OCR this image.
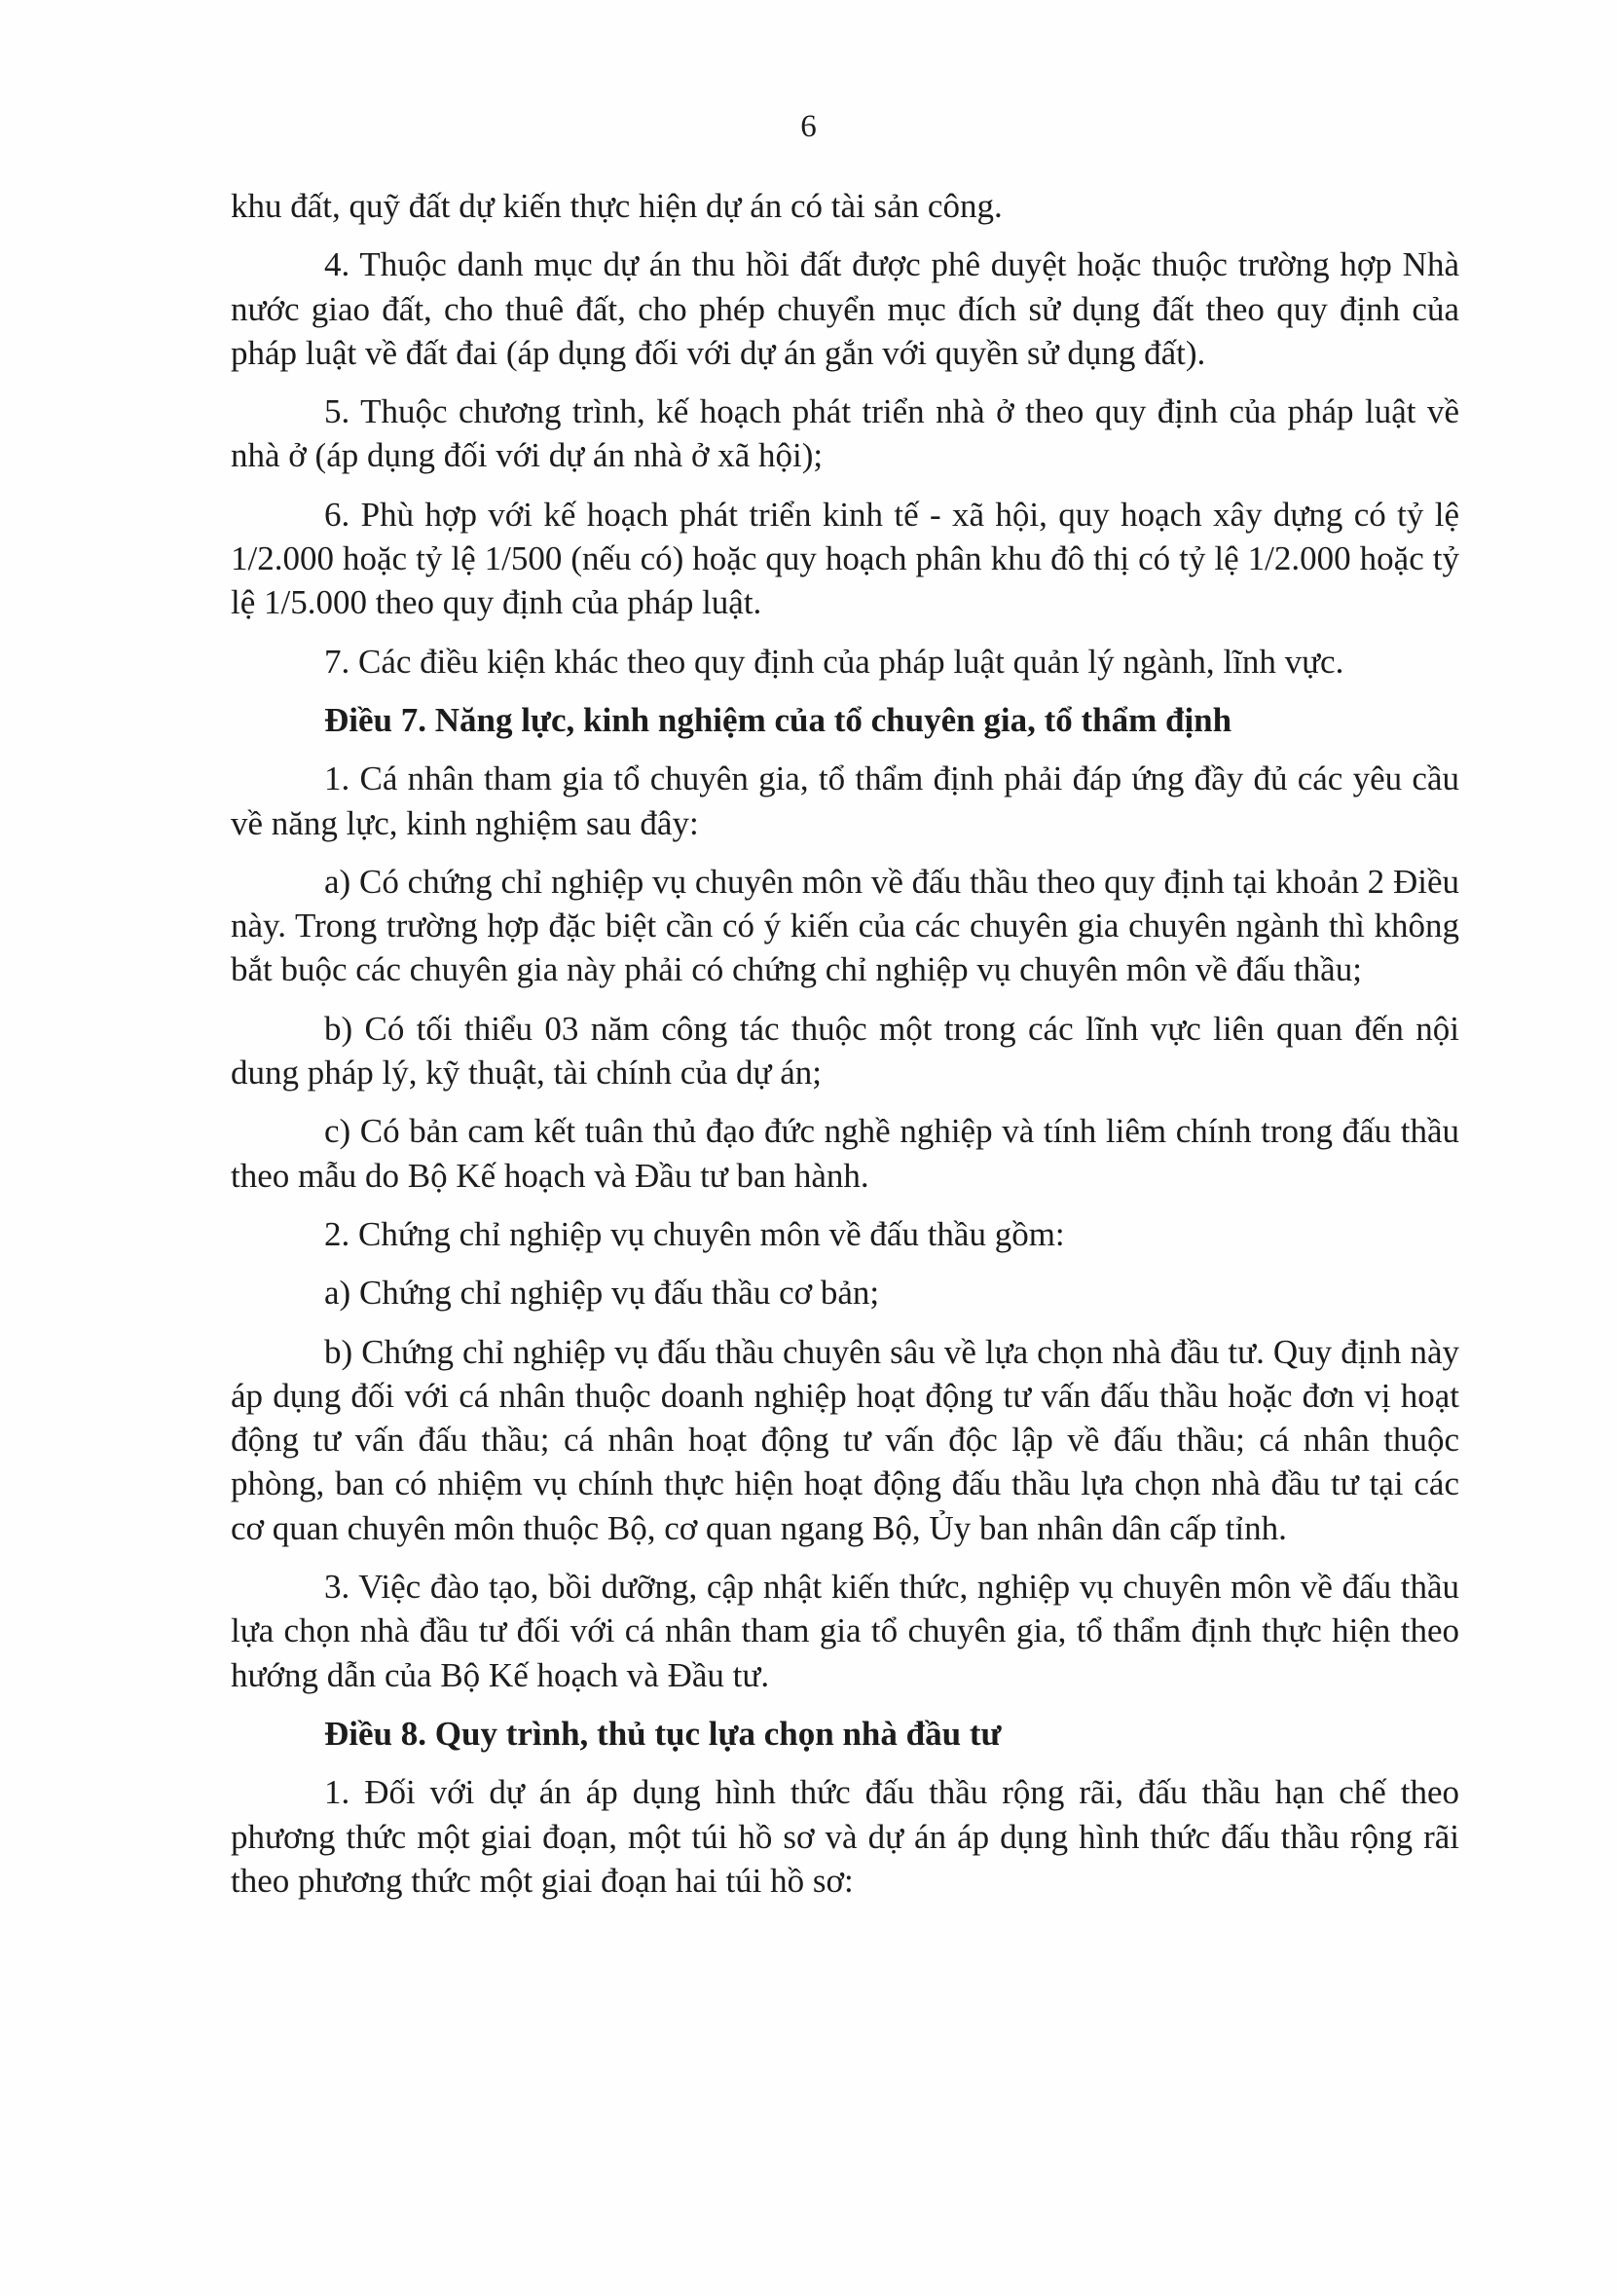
6

khu đất, quỹ đất dự kiến thực hiện dự án có tài sản công.

4. Thuộc danh mục dự án thu hồi đất được phê duyệt hoặc thuộc trường hợp Nhà nước giao đất, cho thuê đất, cho phép chuyển mục đích sử dụng đất theo quy định của pháp luật về đất đai (áp dụng đối với dự án gắn với quyền sử dụng đất).

5. Thuộc chương trình, kế hoạch phát triển nhà ở theo quy định của pháp luật về nhà ở (áp dụng đối với dự án nhà ở xã hội);

6. Phù hợp với kế hoạch phát triển kinh tế - xã hội, quy hoạch xây dựng có tỷ lệ 1/2.000 hoặc tỷ lệ 1/500 (nếu có) hoặc quy hoạch phân khu đô thị có tỷ lệ 1/2.000 hoặc tỷ lệ 1/5.000 theo quy định của pháp luật.

7. Các điều kiện khác theo quy định của pháp luật quản lý ngành, lĩnh vực.

Điều 7. Năng lực, kinh nghiệm của tổ chuyên gia, tổ thẩm định

1. Cá nhân tham gia tổ chuyên gia, tổ thẩm định phải đáp ứng đầy đủ các yêu cầu về năng lực, kinh nghiệm sau đây:

a) Có chứng chỉ nghiệp vụ chuyên môn về đấu thầu theo quy định tại khoản 2 Điều này. Trong trường hợp đặc biệt cần có ý kiến của các chuyên gia chuyên ngành thì không bắt buộc các chuyên gia này phải có chứng chỉ nghiệp vụ chuyên môn về đấu thầu;

b) Có tối thiểu 03 năm công tác thuộc một trong các lĩnh vực liên quan đến nội dung pháp lý, kỹ thuật, tài chính của dự án;

c) Có bản cam kết tuân thủ đạo đức nghề nghiệp và tính liêm chính trong đấu thầu theo mẫu do Bộ Kế hoạch và Đầu tư ban hành.

2. Chứng chỉ nghiệp vụ chuyên môn về đấu thầu gồm:

a) Chứng chỉ nghiệp vụ đấu thầu cơ bản;

b) Chứng chỉ nghiệp vụ đấu thầu chuyên sâu về lựa chọn nhà đầu tư. Quy định này áp dụng đối với cá nhân thuộc doanh nghiệp hoạt động tư vấn đấu thầu hoặc đơn vị hoạt động tư vấn đấu thầu; cá nhân hoạt động tư vấn độc lập về đấu thầu; cá nhân thuộc phòng, ban có nhiệm vụ chính thực hiện hoạt động đấu thầu lựa chọn nhà đầu tư tại các cơ quan chuyên môn thuộc Bộ, cơ quan ngang Bộ, Ủy ban nhân dân cấp tỉnh.

3. Việc đào tạo, bồi dưỡng, cập nhật kiến thức, nghiệp vụ chuyên môn về đấu thầu lựa chọn nhà đầu tư đối với cá nhân tham gia tổ chuyên gia, tổ thẩm định thực hiện theo hướng dẫn của Bộ Kế hoạch và Đầu tư.

Điều 8. Quy trình, thủ tục lựa chọn nhà đầu tư

1. Đối với dự án áp dụng hình thức đấu thầu rộng rãi, đấu thầu hạn chế theo phương thức một giai đoạn, một túi hồ sơ và dự án áp dụng hình thức đấu thầu rộng rãi theo phương thức một giai đoạn hai túi hồ sơ:
